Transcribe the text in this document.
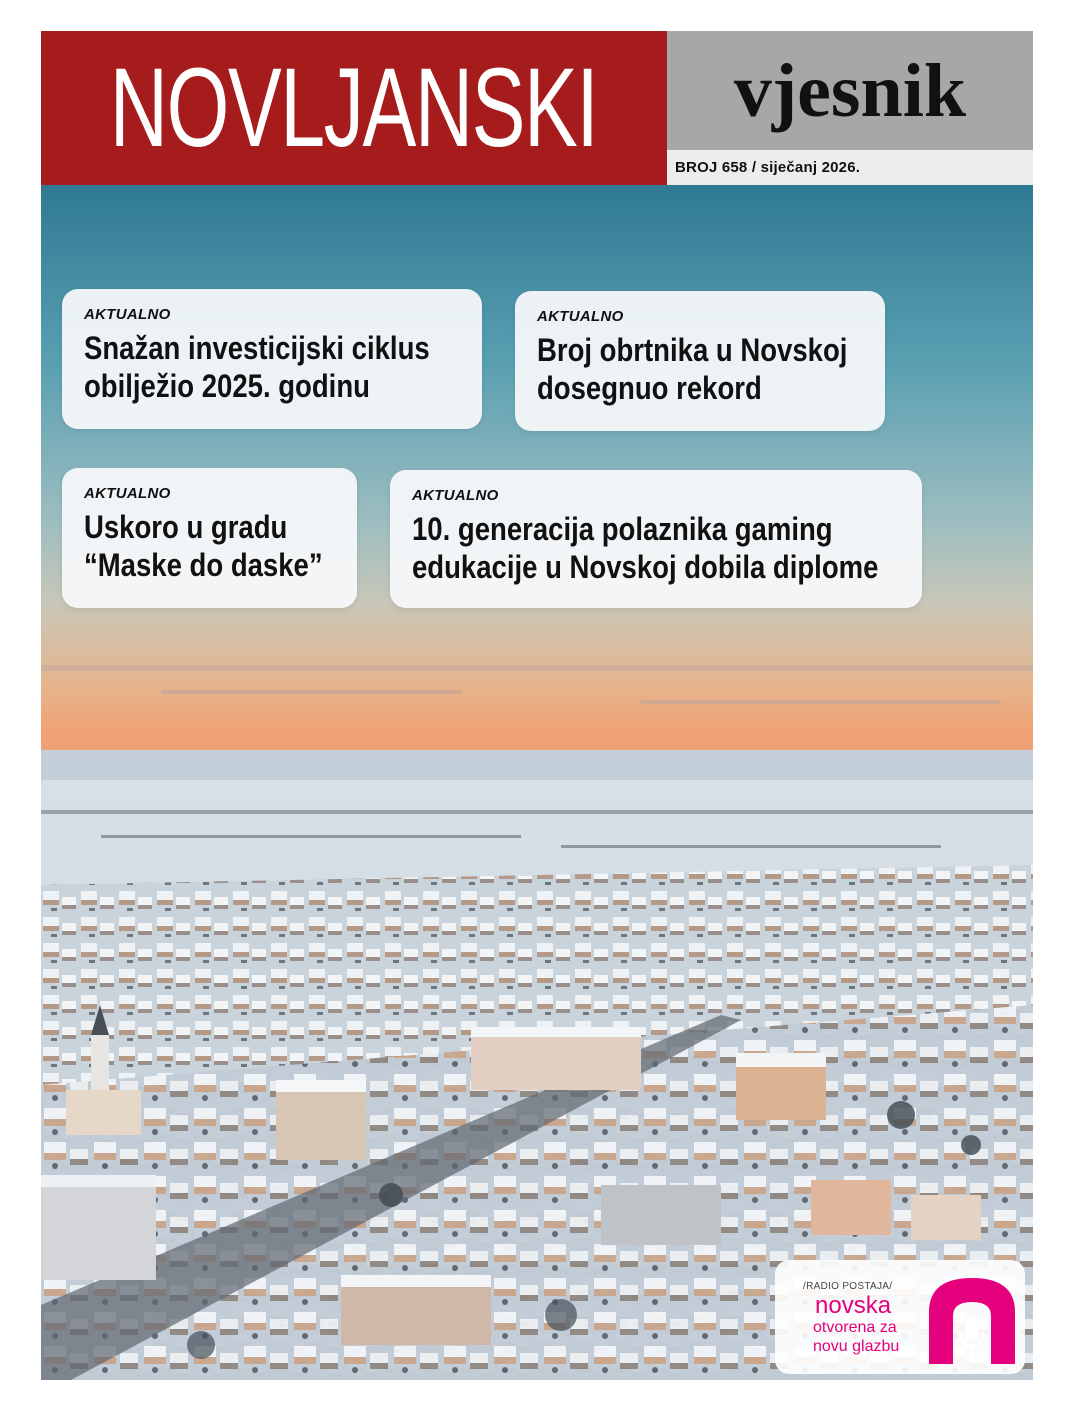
NOVLJANSKI vjesnik
BROJ 658 / siječanj 2026.
AKTUALNO
Snažan investicijski ciklus
obilježio 2025. godinu
AKTUALNO
Broj obrtnika u Novskoj
dosegnuo rekord
AKTUALNO
Uskoro u gradu
“Maske do daske”
AKTUALNO
10. generacija polaznika gaming
edukacije u Novskoj dobila diplome
/RADIO POSTAJA/
novska
otvorena za
novu glazbu
